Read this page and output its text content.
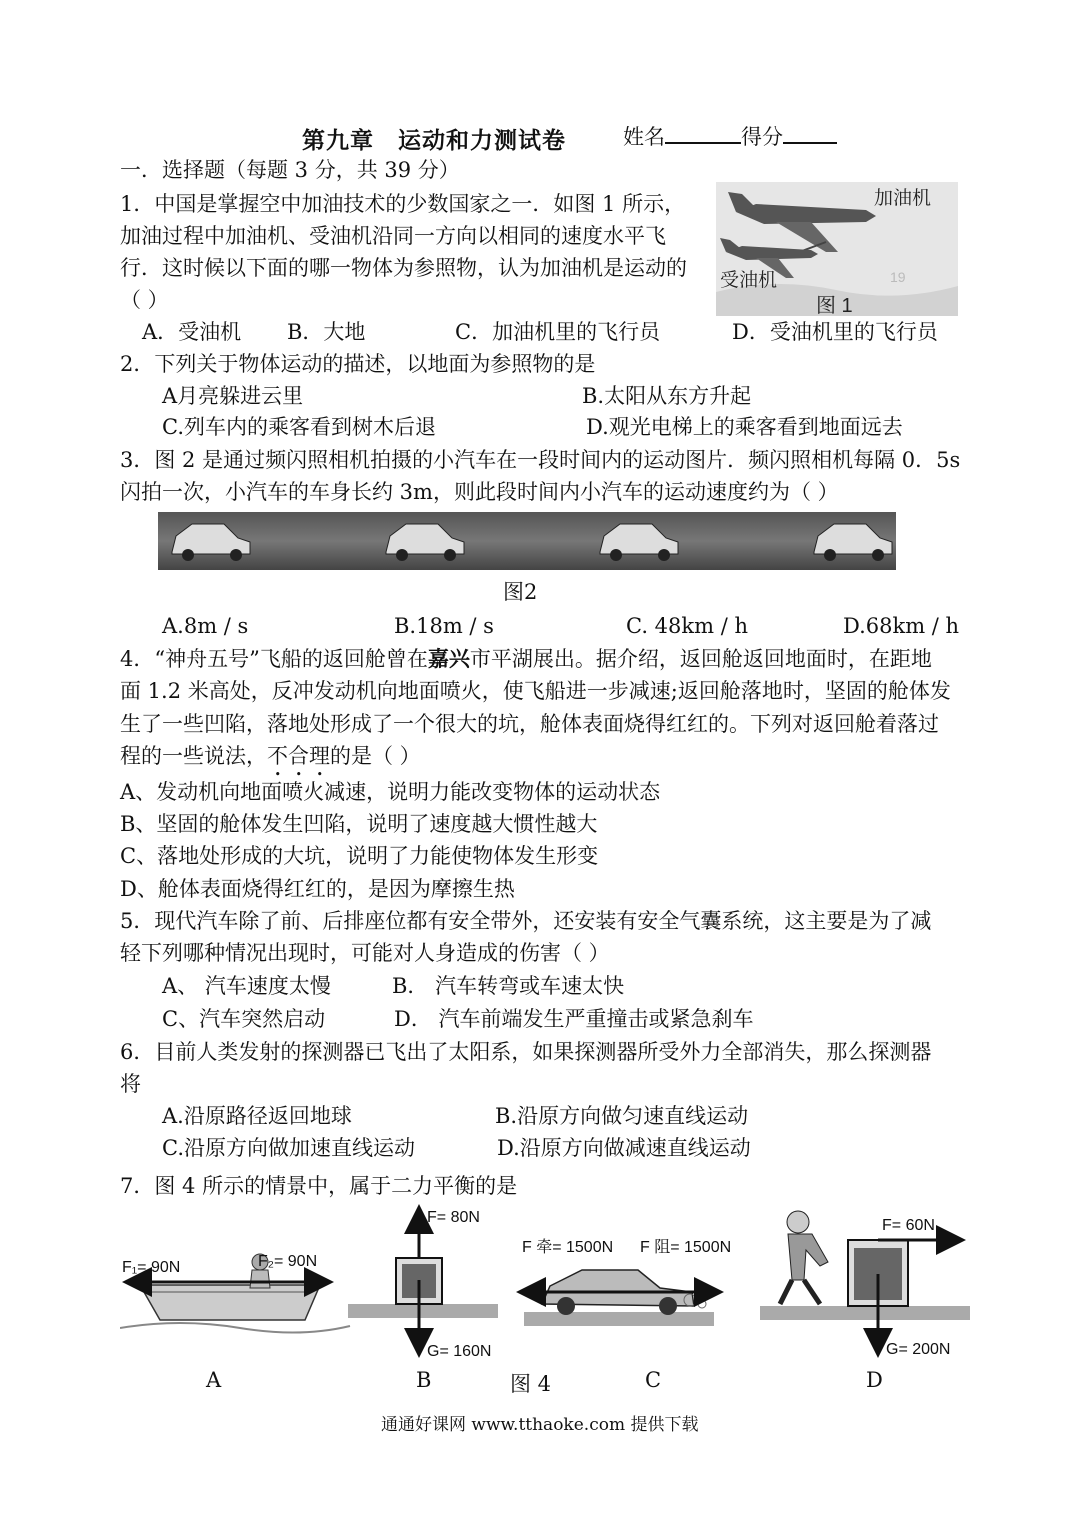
第九章　运动和力测试卷	姓名	得分
一．选择题（每题 3 分，共 39 分）
1．中国是掌握空中加油技术的少数国家之一．如图 1 所示，
加油过程中加油机、受油机沿同一方向以相同的速度水平飞
行．这时候以下面的哪一物体为参照物，认为加油机是运动的
（ ）
加油机
受油机
图 1
19
A．受油机 B．大地	C．加油机里的飞行员	D．受油机里的飞行员
2．下列关于物体运动的描述，以地面为参照物的是
A月亮躲进云里	B.太阳从东方升起
C.列车内的乘客看到树木后退	D.观光电梯上的乘客看到地面远去
3．图 2 是通过频闪照相机拍摄的小汽车在一段时间内的运动图片．频闪照相机每隔 0．5s
闪拍一次，小汽车的车身长约 3m，则此段时间内小汽车的运动速度约为（ ）
图2
A.8m / s	B.18m / s	C. 48km / h	D.68km / h
4．“神舟五号”飞船的返回舱曾在嘉兴市平湖展出。据介绍，返回舱返回地面时，在距地
面 1.2 米高处，反冲发动机向地面喷火，使飞船进一步减速;返回舱落地时，坚固的舱体发
生了一些凹陷，落地处形成了一个很大的坑，舱体表面烧得红红的。下列对返回舱着落过
程的一些说法，不合理的是（ ）
A、发动机向地面喷火减速，说明力能改变物体的运动状态
B、坚固的舱体发生凹陷，说明了速度越大惯性越大
C、落地处形成的大坑，说明了力能使物体发生形变
D、舱体表面烧得红红的，是因为摩擦生热
5．现代汽车除了前、后排座位都有安全带外，还安装有安全气囊系统，这主要是为了减
轻下列哪种情况出现时，可能对人身造成的伤害（ ）
A、 汽车速度太慢	B． 汽车转弯或车速太快
C、汽车突然启动	D． 汽车前端发生严重撞击或紧急刹车
6．目前人类发射的探测器已飞出了太阳系，如果探测器所受外力全部消失，那么探测器
将
A.沿原路径返回地球	B.沿原方向做匀速直线运动
C.沿原方向做加速直线运动	D.沿原方向做减速直线运动
7．图 4 所示的情景中，属于二力平衡的是
F₁= 90N	F₂= 90N
F= 80N
G= 160N
F 牵= 1500N F 阻= 1500N
F= 60N
G= 200N
A	B	图 4	C	D
通通好课网 www.tthaoke.com 提供下载
